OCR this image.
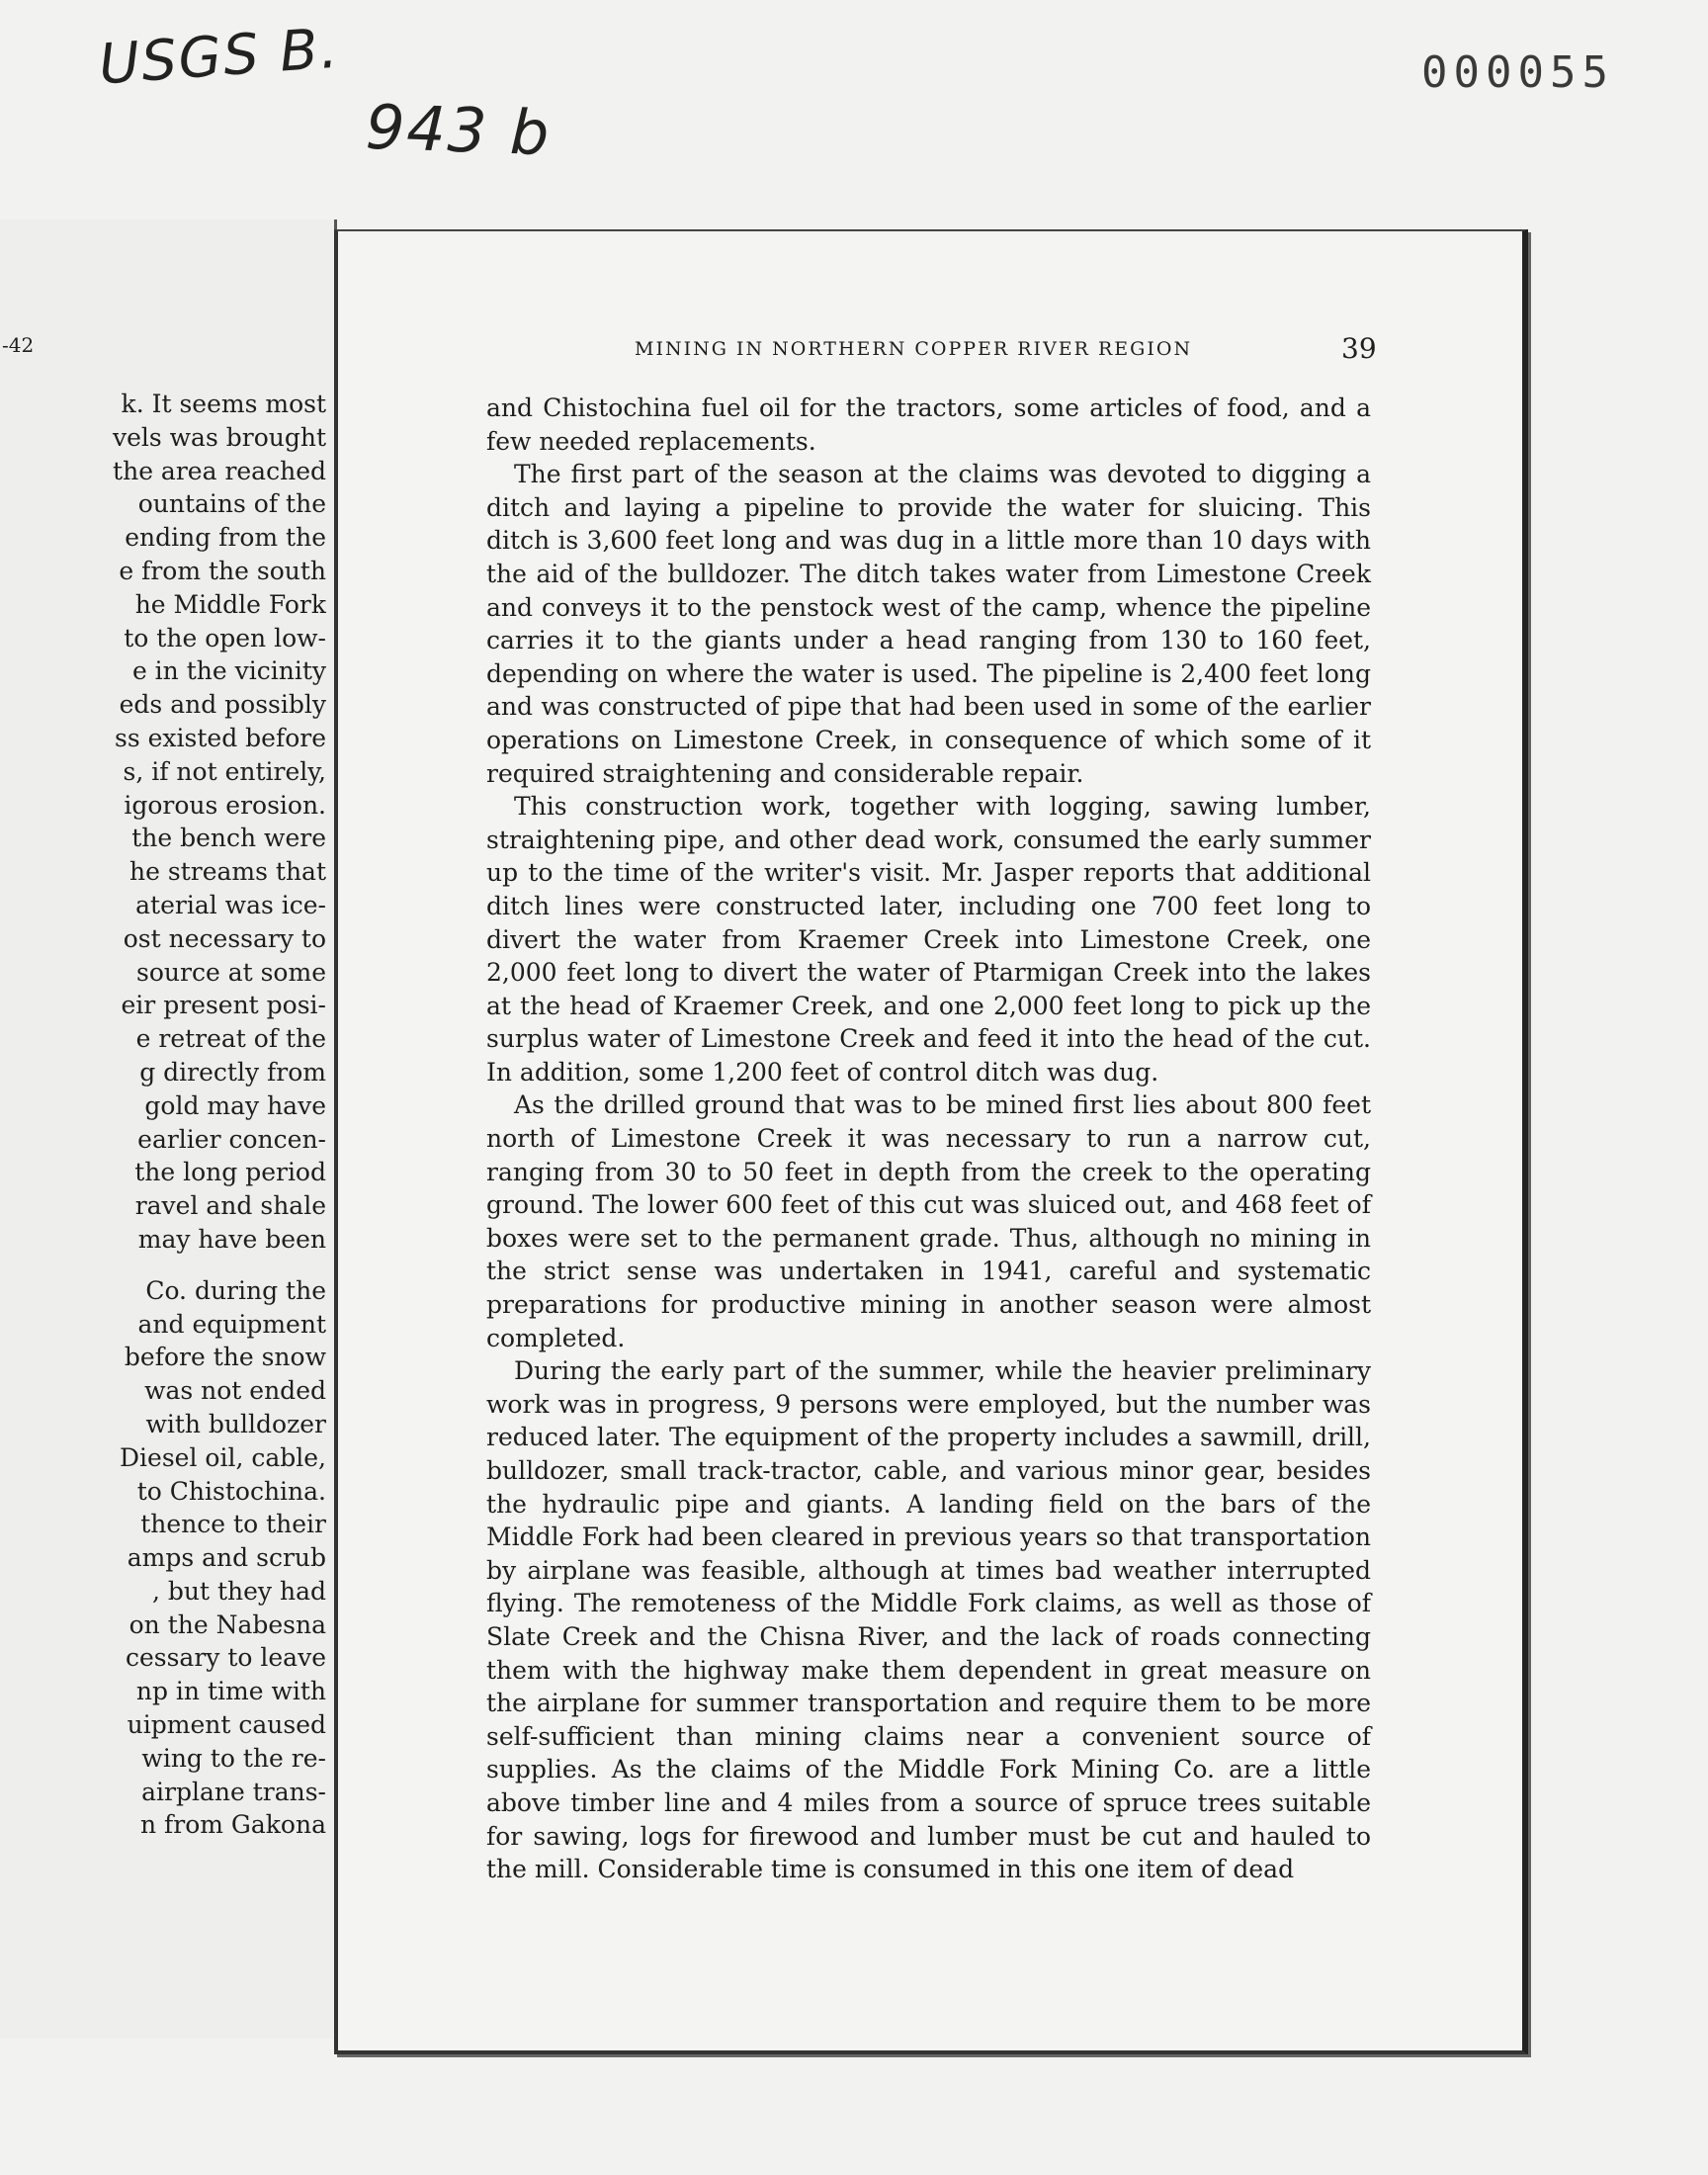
USGS B.
943 b
000055
-42
k. It seems most
vels was brought
the area reached
ountains of the
ending from the
e from the south
he Middle Fork
to the open low-
e in the vicinity
eds and possibly
ss existed before
s, if not entirely,
igorous erosion.
the bench were
he streams that
aterial was ice-
ost necessary to
source at some
eir present posi-
e retreat of the
g directly from
gold may have
earlier concen-
the long period
ravel and shale
may have been
Co. during the
and equipment
before the snow
was not ended
with bulldozer
Diesel oil, cable,
to Chistochina.
thence to their
amps and scrub
, but they had
on the Nabesna
cessary to leave
np in time with
uipment caused
wing to the re-
airplane trans-
n from Gakona
MINING IN NORTHERN COPPER RIVER REGION	39

and Chistochina fuel oil for the tractors, some articles of food, and a few needed replacements.

The first part of the season at the claims was devoted to digging a ditch and laying a pipeline to provide the water for sluicing. This ditch is 3,600 feet long and was dug in a little more than 10 days with the aid of the bulldozer. The ditch takes water from Limestone Creek and conveys it to the penstock west of the camp, whence the pipeline carries it to the giants under a head ranging from 130 to 160 feet, depending on where the water is used. The pipeline is 2,400 feet long and was constructed of pipe that had been used in some of the earlier operations on Limestone Creek, in consequence of which some of it required straightening and considerable repair.

This construction work, together with logging, sawing lumber, straightening pipe, and other dead work, consumed the early summer up to the time of the writer's visit. Mr. Jasper reports that additional ditch lines were constructed later, including one 700 feet long to divert the water from Kraemer Creek into Limestone Creek, one 2,000 feet long to divert the water of Ptarmigan Creek into the lakes at the head of Kraemer Creek, and one 2,000 feet long to pick up the surplus water of Limestone Creek and feed it into the head of the cut. In addition, some 1,200 feet of control ditch was dug.

As the drilled ground that was to be mined first lies about 800 feet north of Limestone Creek it was necessary to run a narrow cut, ranging from 30 to 50 feet in depth from the creek to the operating ground. The lower 600 feet of this cut was sluiced out, and 468 feet of boxes were set to the permanent grade. Thus, although no mining in the strict sense was undertaken in 1941, careful and systematic preparations for productive mining in another season were almost completed.

During the early part of the summer, while the heavier preliminary work was in progress, 9 persons were employed, but the number was reduced later. The equipment of the property includes a sawmill, drill, bulldozer, small track-tractor, cable, and various minor gear, besides the hydraulic pipe and giants. A landing field on the bars of the Middle Fork had been cleared in previous years so that transportation by airplane was feasible, although at times bad weather interrupted flying. The remoteness of the Middle Fork claims, as well as those of Slate Creek and the Chisna River, and the lack of roads connecting them with the highway make them dependent in great measure on the airplane for summer transportation and require them to be more self-sufficient than mining claims near a convenient source of supplies. As the claims of the Middle Fork Mining Co. are a little above timber line and 4 miles from a source of spruce trees suitable for sawing, logs for firewood and lumber must be cut and hauled to the mill. Considerable time is consumed in this one item of dead
